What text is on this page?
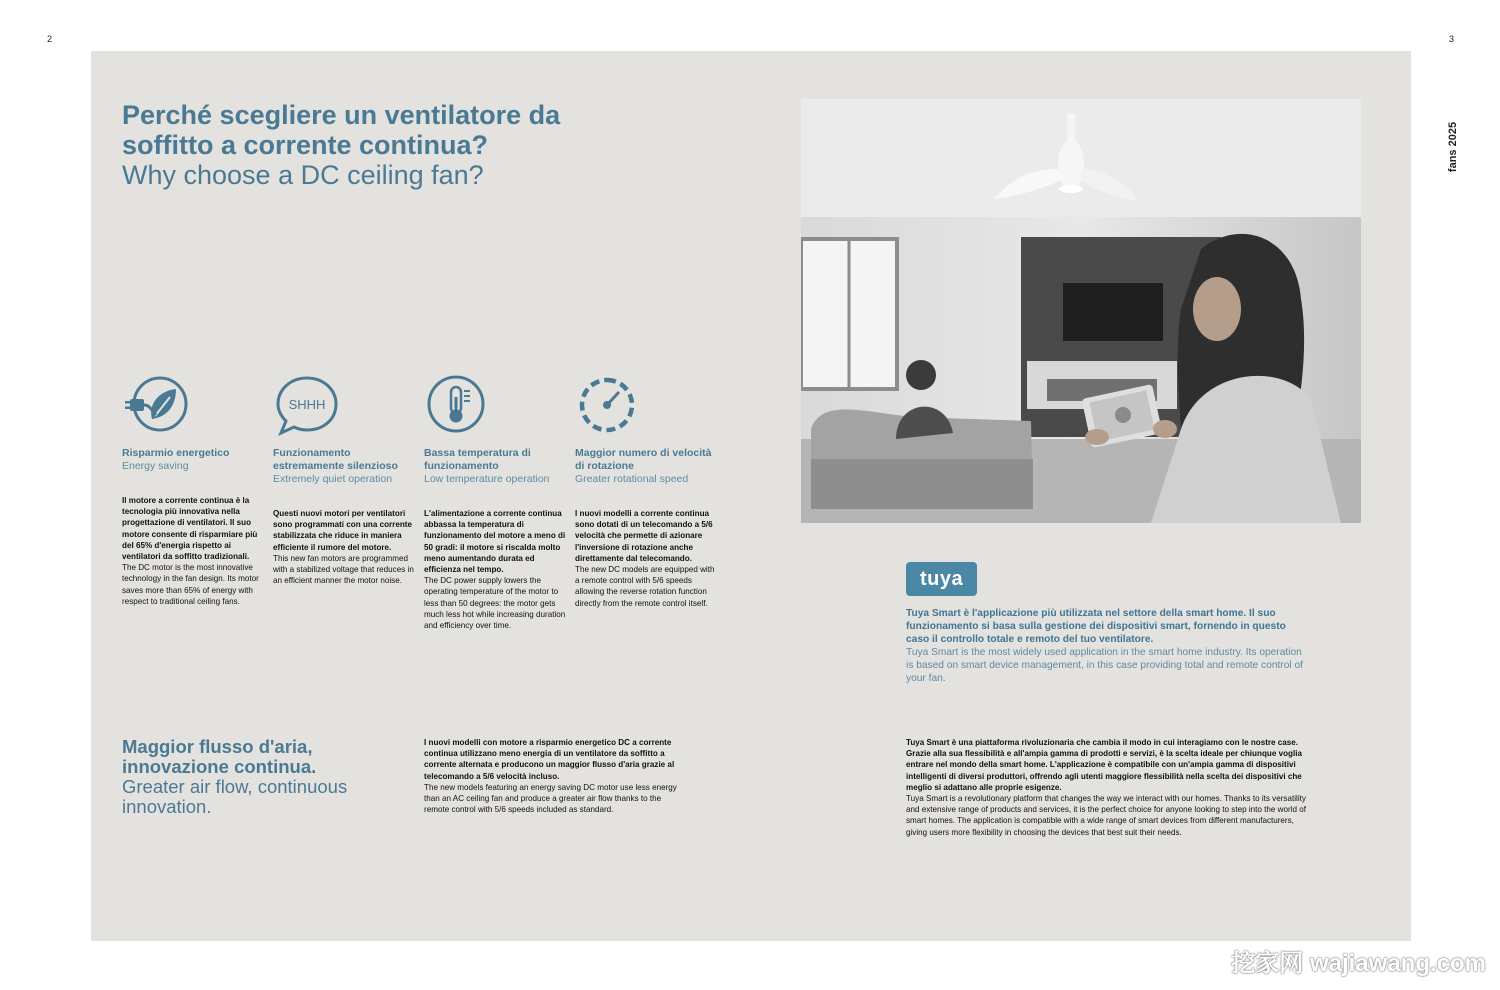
2	3
fans 2025
Perché scegliere un ventilatore da soffitto a corrente continua?
Why choose a DC ceiling fan?
Risparmio energetico
Energy saving
Il motore a corrente continua è la tecnologia più innovativa nella progettazione di ventilatori. Il suo motore consente di risparmiare più del 65% d'energia rispetto ai ventilatori da soffitto tradizionali.
The DC motor is the most innovative technology in the fan design. Its motor saves more than 65% of energy with respect to traditional ceiling fans.
SHHH
Funzionamento estremamente silenzioso
Extremely quiet operation
Questi nuovi motori per ventilatori sono programmati con una corrente stabilizzata che riduce in maniera efficiente il rumore del motore.
This new fan motors are programmed with a stabilized voltage that reduces in an efficient manner the motor noise.
Bassa temperatura di funzionamento
Low temperature operation
L'alimentazione a corrente continua abbassa la temperatura di funzionamento del motore a meno di 50 gradi: il motore si riscalda molto meno aumentando durata ed efficienza nel tempo.
The DC power supply lowers the operating temperature of the motor to less than 50 degrees: the motor gets much less hot while increasing duration and efficiency over time.
Maggior numero di velocità di rotazione
Greater rotational speed
I nuovi modelli a corrente continua sono dotati di un telecomando a 5/6 velocità che permette di azionare l'inversione di rotazione anche direttamente dal telecomando.
The new DC models are equipped with a remote control with 5/6 speeds allowing the reverse rotation function directly from the remote control itself.
Maggior flusso d'aria, innovazione continua.
Greater air flow, continuous innovation.
I nuovi modelli con motore a risparmio energetico DC a corrente continua utilizzano meno energia di un ventilatore da soffitto a corrente alternata e producono un maggior flusso d'aria grazie al telecomando a 5/6 velocità incluso.
The new models featuring an energy saving DC motor use less energy than an AC ceiling fan and produce a greater air flow thanks to the remote control with 5/6 speeds included as standard.
tuya
Tuya Smart è l'applicazione più utilizzata nel settore della smart home. Il suo funzionamento si basa sulla gestione dei dispositivi smart, fornendo in questo caso il controllo totale e remoto del tuo ventilatore.
Tuya Smart is the most widely used application in the smart home industry. Its operation is based on smart device management, in this case providing total and remote control of your fan.
Tuya Smart è una piattaforma rivoluzionaria che cambia il modo in cui interagiamo con le nostre case. Grazie alla sua flessibilità e all'ampia gamma di prodotti e servizi, è la scelta ideale per chiunque voglia entrare nel mondo della smart home. L'applicazione è compatibile con un'ampia gamma di dispositivi intelligenti di diversi produttori, offrendo agli utenti maggiore flessibilità nella scelta dei dispositivi che meglio si adattano alle proprie esigenze.
Tuya Smart is a revolutionary platform that changes the way we interact with our homes. Thanks to its versatility and extensive range of products and services, it is the perfect choice for anyone looking to step into the world of smart homes. The application is compatible with a wide range of smart devices from different manufacturers, giving users more flexibility in choosing the devices that best suit their needs.
挖家网 wajiawang.com
